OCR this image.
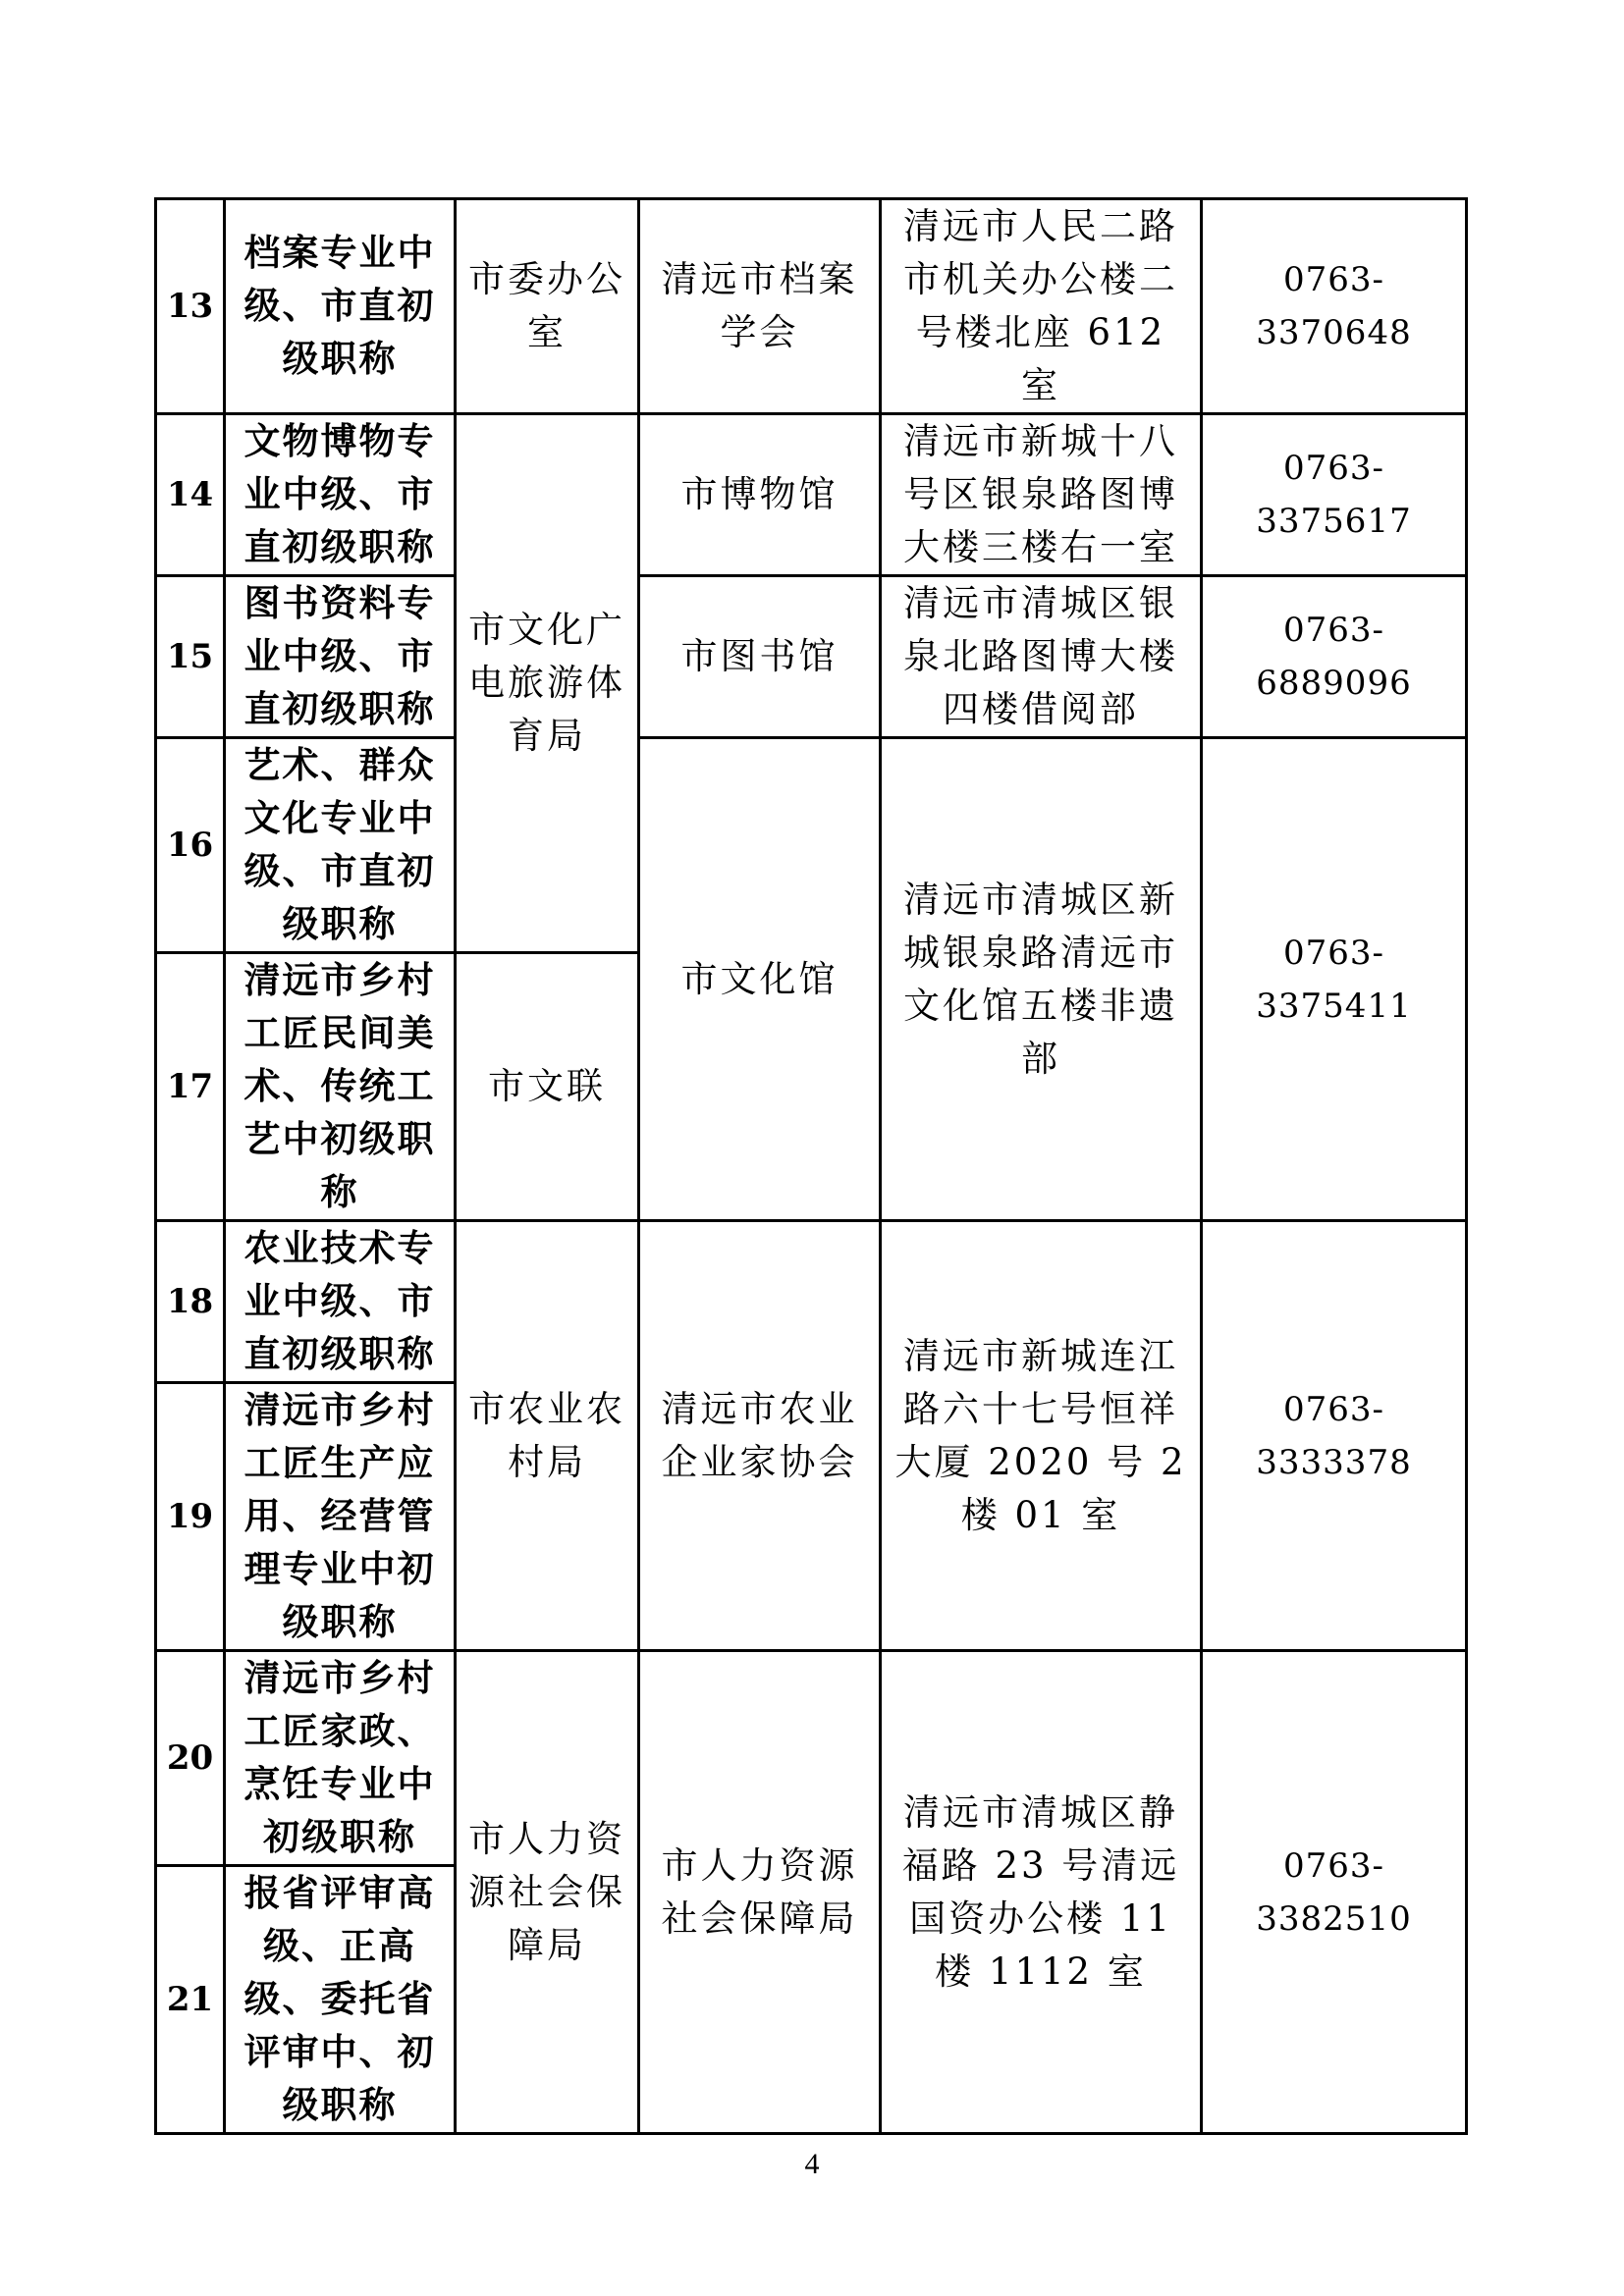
13	档案专业中级、市直初级职称	市委办公室	清远市档案学会	清远市人民二路市机关办公楼二号楼北座 612 室	0763-3370648
14	文物博物专业中级、市直初级职称	市文化广电旅游体育局	市博物馆	清远市新城十八号区银泉路图博大楼三楼右一室	0763-3375617
15	图书资料专业中级、市直初级职称		市图书馆	清远市清城区银泉北路图博大楼四楼借阅部	0763-6889096
16	艺术、群众文化专业中级、市直初级职称		市文化馆	清远市清城区新城银泉路清远市文化馆五楼非遗部	0763-3375411
17	清远市乡村工匠民间美术、传统工艺中初级职称	市文联			
18	农业技术专业中级、市直初级职称	市农业农村局	清远市农业企业家协会	清远市新城连江路六十七号恒祥大厦 2020 号 2 楼 01 室	0763-3333378
19	清远市乡村工匠生产应用、经营管理专业中初级职称				
20	清远市乡村工匠家政、烹饪专业中初级职称	市人力资源社会保障局	市人力资源社会保障局	清远市清城区静福路 23 号清远国资办公楼 11 楼 1112 室	0763-3382510
21	报省评审高级、正高级、委托省评审中、初级职称				
4
